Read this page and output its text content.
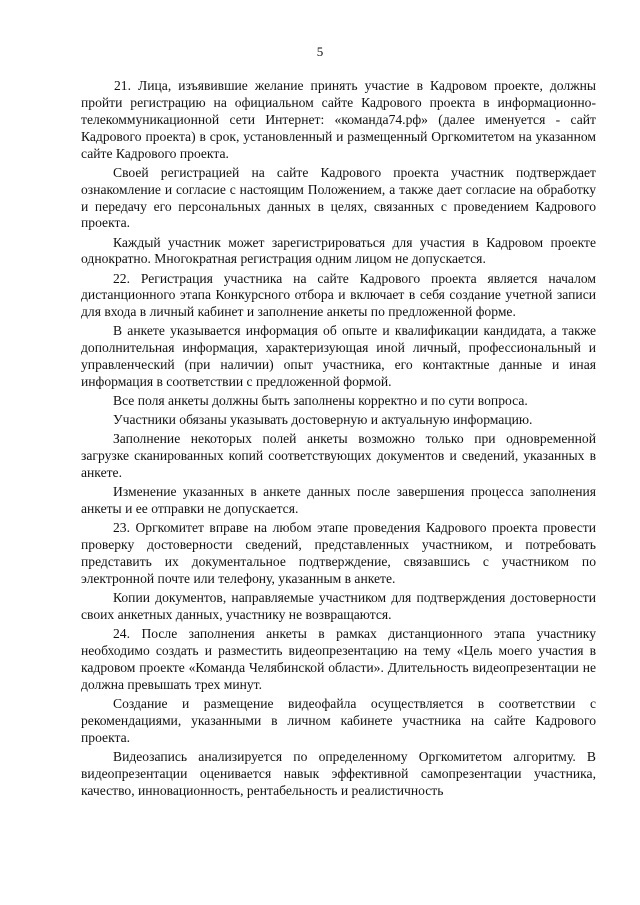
5

21. Лица, изъявившие желание принять участие в Кадровом проекте, должны пройти регистрацию на официальном сайте Кадрового проекта в информационно-телекоммуникационной сети Интернет: «команда74.рф» (далее именуется - сайт Кадрового проекта) в срок, установленный и размещенный Оргкомитетом на указанном сайте Кадрового проекта.

Своей регистрацией на сайте Кадрового проекта участник подтверждает ознакомление и согласие с настоящим Положением, а также дает согласие на обработку и передачу его персональных данных в целях, связанных с проведением Кадрового проекта.

Каждый участник может зарегистрироваться для участия в Кадровом проекте однократно. Многократная регистрация одним лицом не допускается.

22. Регистрация участника на сайте Кадрового проекта является началом дистанционного этапа Конкурсного отбора и включает в себя создание учетной записи для входа в личный кабинет и заполнение анкеты по предложенной форме.

В анкете указывается информация об опыте и квалификации кандидата, а также дополнительная информация, характеризующая иной личный, профессиональный и управленческий (при наличии) опыт участника, его контактные данные и иная информация в соответствии с предложенной формой.

Все поля анкеты должны быть заполнены корректно и по сути вопроса.

Участники обязаны указывать достоверную и актуальную информацию.

Заполнение некоторых полей анкеты возможно только при одновременной загрузке сканированных копий соответствующих документов и сведений, указанных в анкете.

Изменение указанных в анкете данных после завершения процесса заполнения анкеты и ее отправки не допускается.

23. Оргкомитет вправе на любом этапе проведения Кадрового проекта провести проверку достоверности сведений, представленных участником, и потребовать представить их документальное подтверждение, связавшись с участником по электронной почте или телефону, указанным в анкете.

Копии документов, направляемые участником для подтверждения достоверности своих анкетных данных, участнику не возвращаются.

24. После заполнения анкеты в рамках дистанционного этапа участнику необходимо создать и разместить видеопрезентацию на тему «Цель моего участия в кадровом проекте «Команда Челябинской области». Длительность видеопрезентации не должна превышать трех минут.

Создание и размещение видеофайла осуществляется в соответствии с рекомендациями, указанными в личном кабинете участника на сайте Кадрового проекта.

Видеозапись анализируется по определенному Оргкомитетом алгоритму. В видеопрезентации оценивается навык эффективной самопрезентации участника, качество, инновационность, рентабельность и реалистичность
